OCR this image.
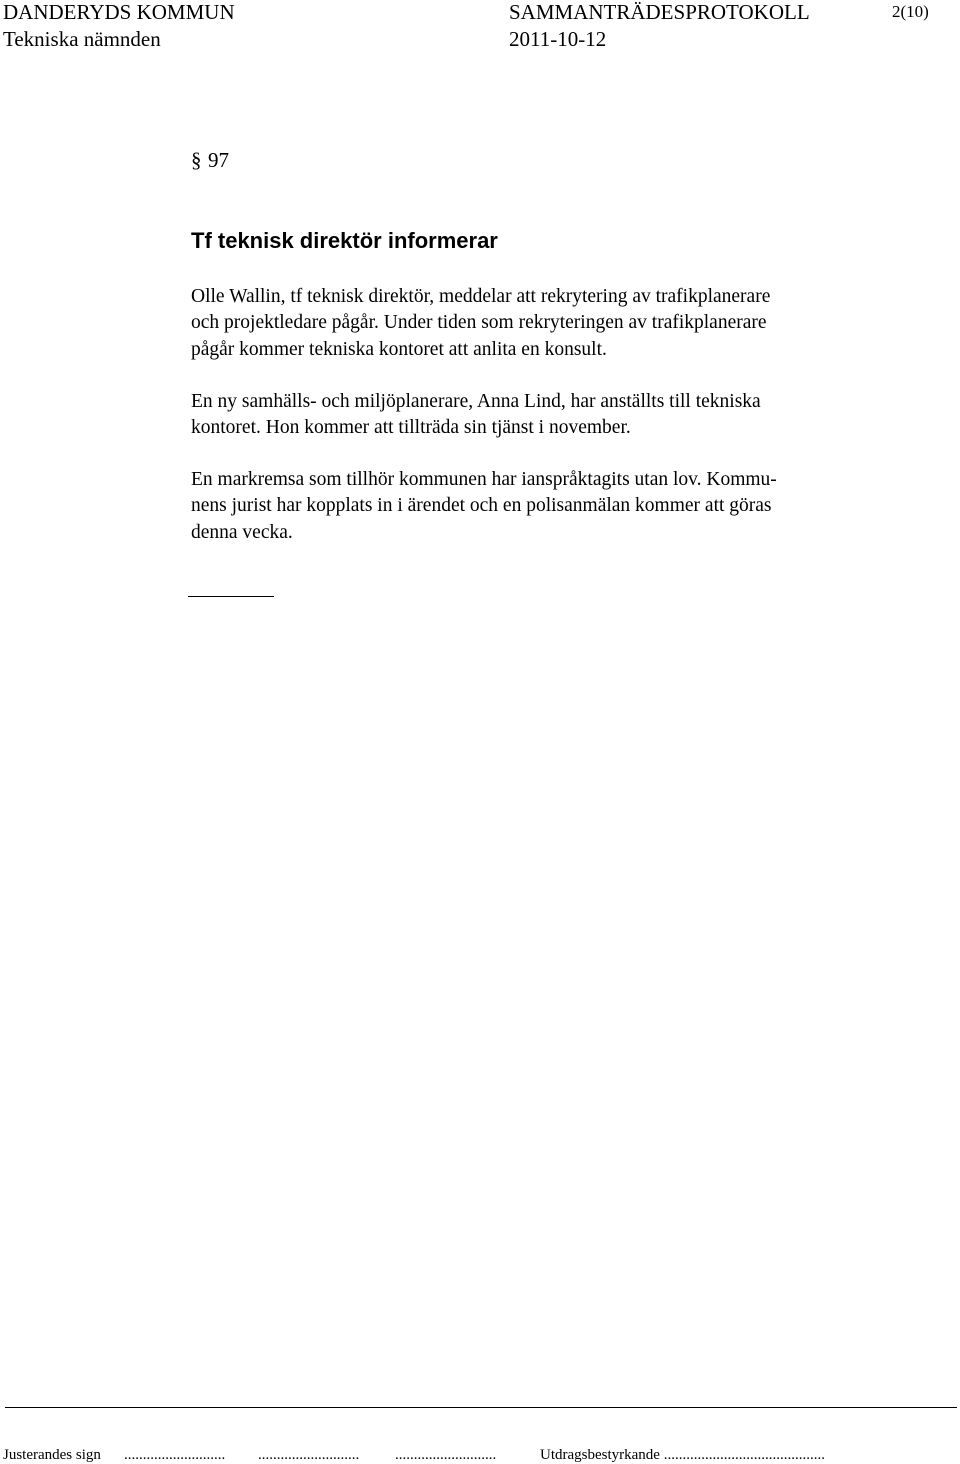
DANDERYDS KOMMUN	SAMMANTRÄDESPROTOKOLL	2(10)
Tekniska nämnden	2011-10-12
§ 97
Tf teknisk direktör informerar
Olle Wallin, tf teknisk direktör, meddelar att rekrytering av trafikplanerare
och projektledare pågår. Under tiden som rekryteringen av trafikplanerare
pågår kommer tekniska kontoret att anlita en konsult.
En ny samhälls- och miljöplanerare, Anna Lind, har anställts till tekniska
kontoret. Hon kommer att tillträda sin tjänst i november.
En markremsa som tillhör kommunen har ianspråktagits utan lov. Kommu-
nens jurist har kopplats in i ärendet och en polisanmälan kommer att göras
denna vecka.
Justerandes sign ........................... ........................... ...........................	Utdragsbestyrkande ...........................................
